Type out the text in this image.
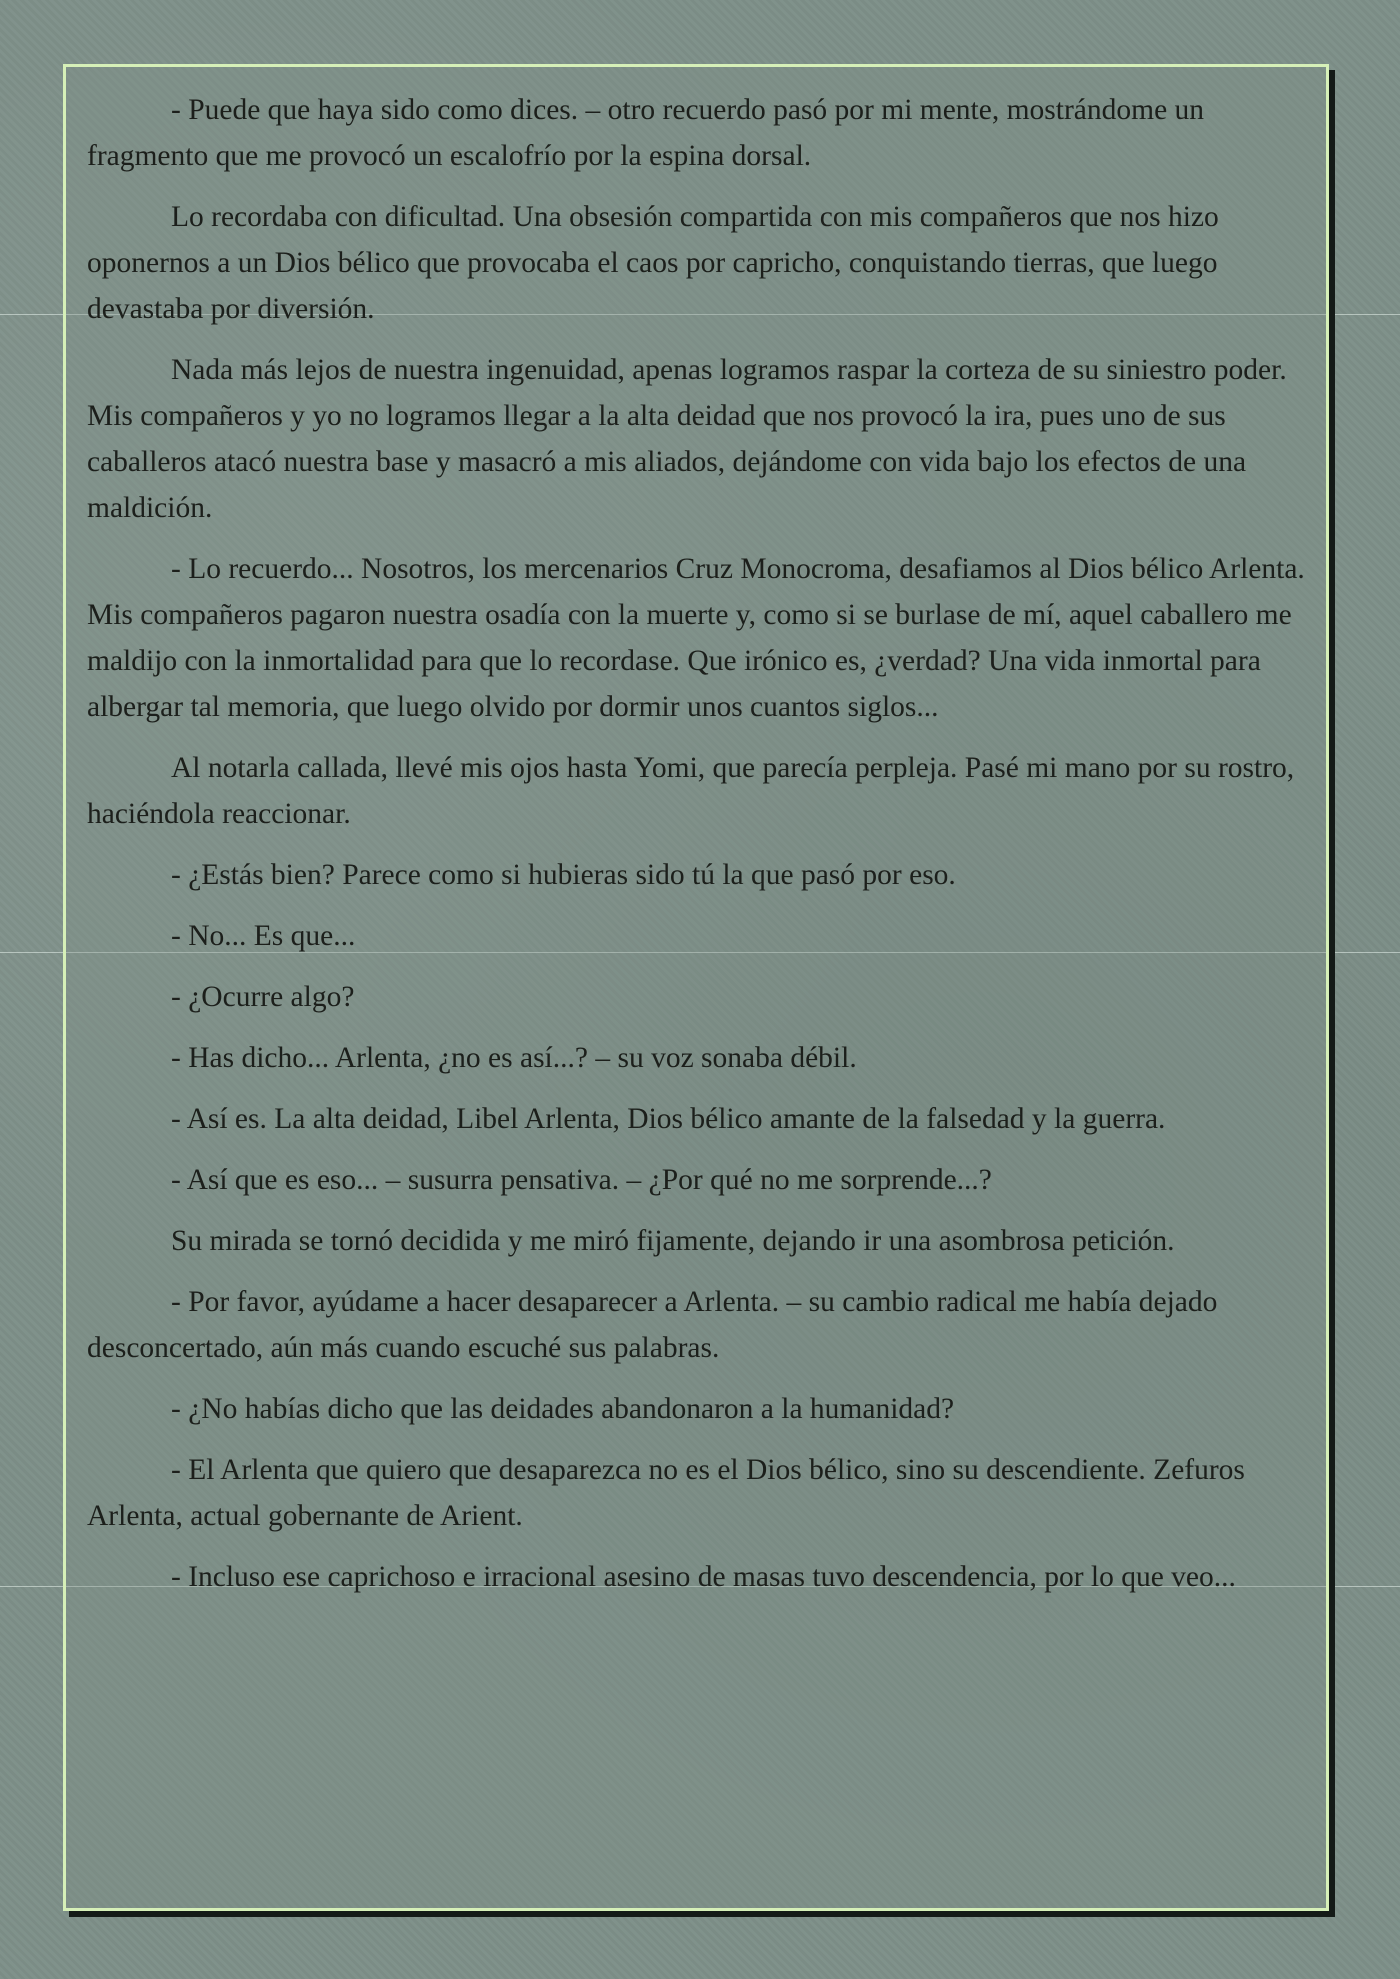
- Puede que haya sido como dices. – otro recuerdo pasó por mi mente, mostrándome un fragmento que me provocó un escalofrío por la espina dorsal.

Lo recordaba con dificultad. Una obsesión compartida con mis compañeros que nos hizo oponernos a un Dios bélico que provocaba el caos por capricho, conquistando tierras, que luego devastaba por diversión.

Nada más lejos de nuestra ingenuidad, apenas logramos raspar la corteza de su siniestro poder. Mis compañeros y yo no logramos llegar a la alta deidad que nos provocó la ira, pues uno de sus caballeros atacó nuestra base y masacró a mis aliados, dejándome con vida bajo los efectos de una maldición.

- Lo recuerdo... Nosotros, los mercenarios Cruz Monocroma, desafiamos al Dios bélico Arlenta. Mis compañeros pagaron nuestra osadía con la muerte y, como si se burlase de mí, aquel caballero me maldijo con la inmortalidad para que lo recordase. Que irónico es, ¿verdad? Una vida inmortal para albergar tal memoria, que luego olvido por dormir unos cuantos siglos...

Al notarla callada, llevé mis ojos hasta Yomi, que parecía perpleja. Pasé mi mano por su rostro, haciéndola reaccionar.

- ¿Estás bien? Parece como si hubieras sido tú la que pasó por eso.

- No... Es que...

- ¿Ocurre algo?

- Has dicho... Arlenta, ¿no es así...? – su voz sonaba débil.

- Así es. La alta deidad, Libel Arlenta, Dios bélico amante de la falsedad y la guerra.

- Así que es eso... – susurra pensativa. – ¿Por qué no me sorprende...?

Su mirada se tornó decidida y me miró fijamente, dejando ir una asombrosa petición.

- Por favor, ayúdame a hacer desaparecer a Arlenta. – su cambio radical me había dejado desconcertado, aún más cuando escuché sus palabras.

- ¿No habías dicho que las deidades abandonaron a la humanidad?

- El Arlenta que quiero que desaparezca no es el Dios bélico, sino su descendiente. Zefuros Arlenta, actual gobernante de Arient.

- Incluso ese caprichoso e irracional asesino de masas tuvo descendencia, por lo que veo...
